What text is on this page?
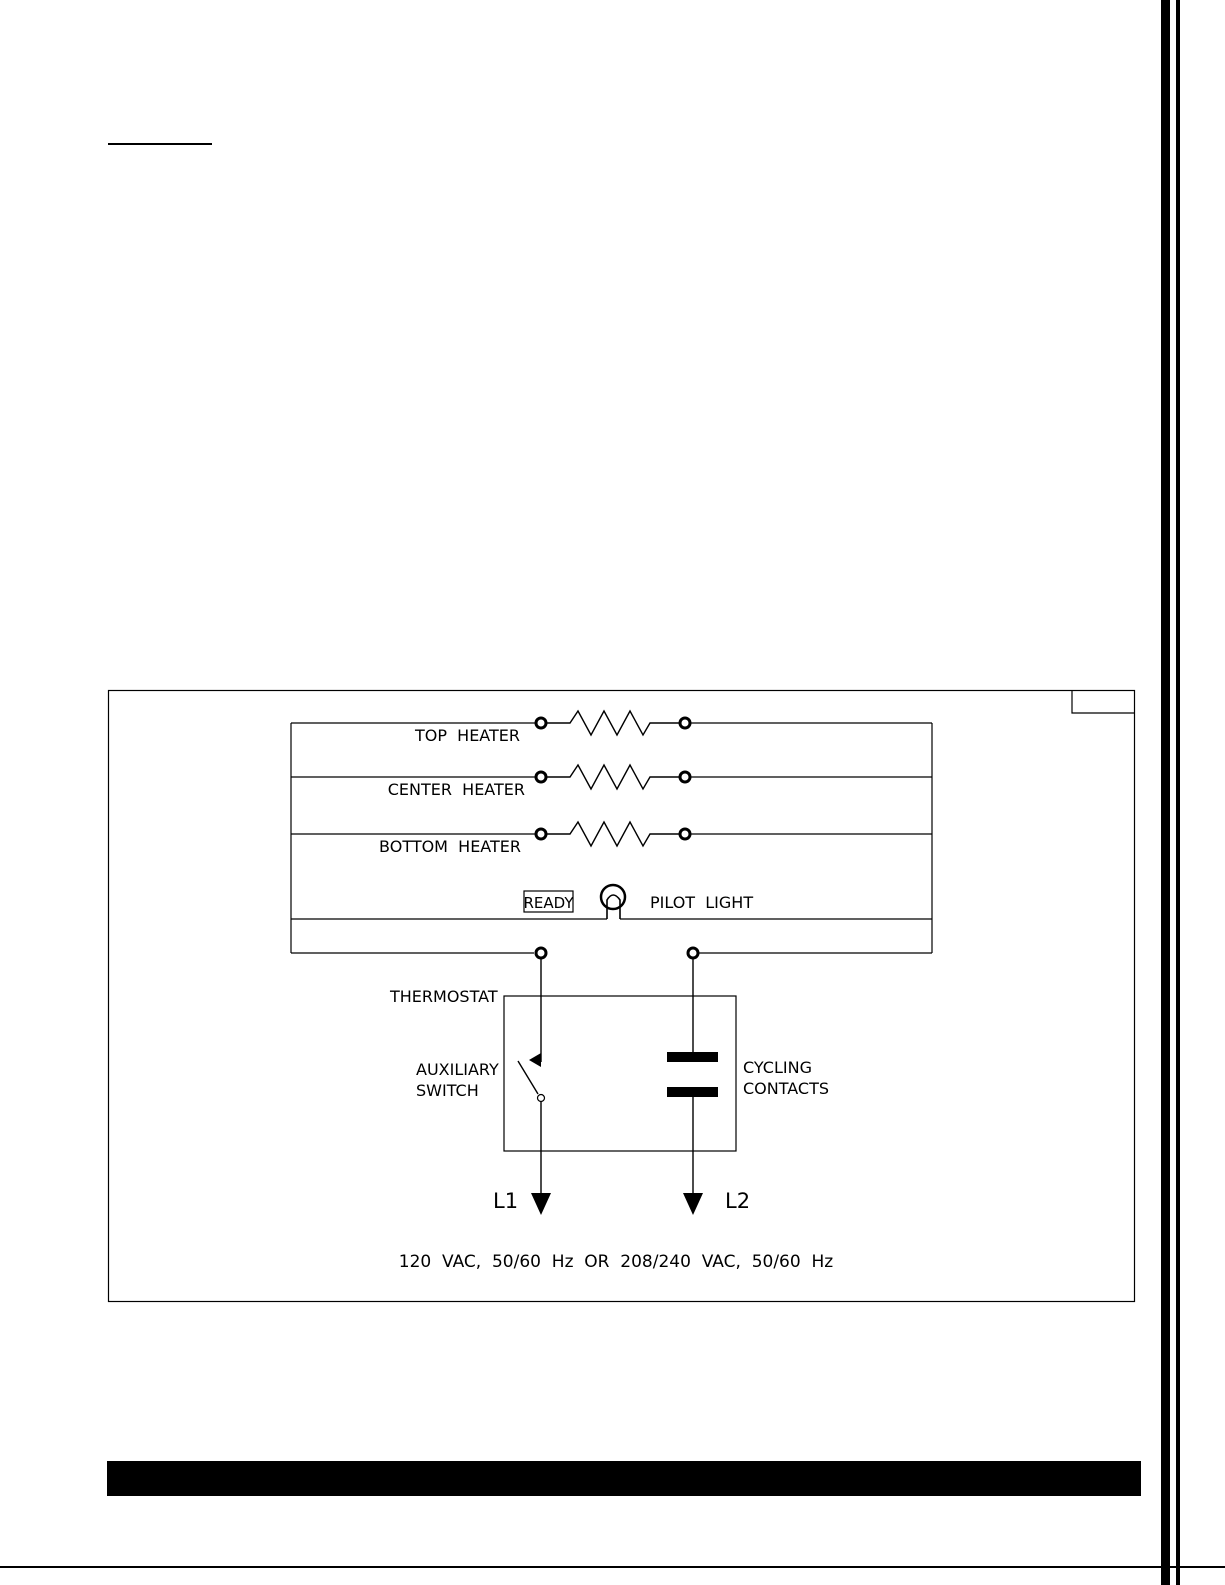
TOP  HEATER
CENTER  HEATER
BOTTOM  HEATER
READY	PILOT  LIGHT
THERMOSTAT
AUXILIARY
SWITCH
CYCLING
CONTACTS
L1	L2
120  VAC,  50/60  Hz  OR  208/240  VAC,  50/60  Hz
